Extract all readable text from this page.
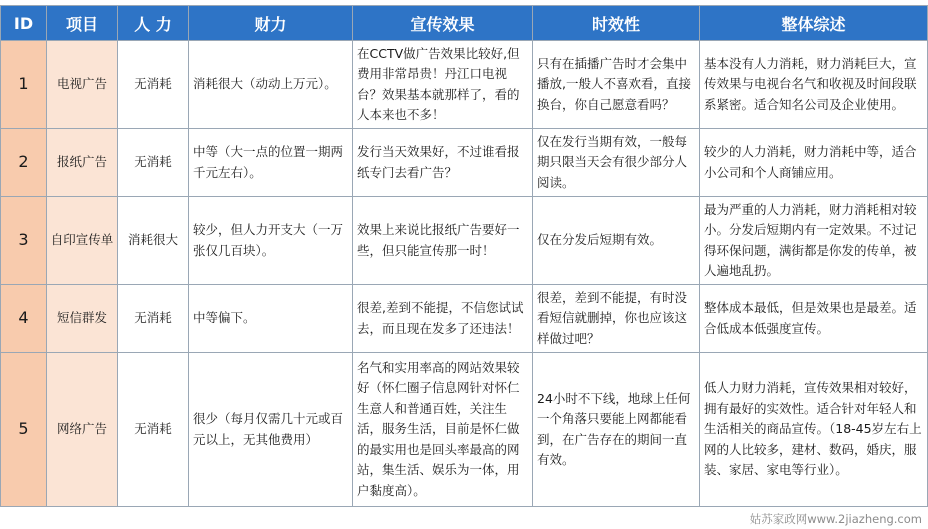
ID	项目	人 力	财力	宣传效果	时效性	整体综述
1	电视广告	无消耗	消耗很大（动动上万元）。	在CCTV做广告效果比较好,但费用非常昂贵！丹江口电视台？效果基本就那样了，看的人本来也不多！	只有在插播广告时才会集中播放,一般人不喜欢看，直接换台，你自己愿意看吗？	基本没有人力消耗，财力消耗巨大，宣传效果与电视台名气和收视及时间段联系紧密。适合知名公司及企业使用。
2	报纸广告	无消耗	中等（大一点的位置一期两千元左右）。	发行当天效果好，不过谁看报纸专门去看广告？	仅在发行当期有效，一般每期只限当天会有很少部分人阅读。	较少的人力消耗，财力消耗中等，适合小公司和个人商铺应用。
3	自印宣传单	消耗很大	较少，但人力开支大（一万张仅几百块）。	效果上来说比报纸广告要好一些，但只能宣传那一时！	仅在分发后短期有效。	最为严重的人力消耗，财力消耗相对较小。分发后短期内有一定效果。不过记得环保问题，满街都是你发的传单，被人遍地乱扔。
4	短信群发	无消耗	中等偏下。	很差,差到不能提，不信您试试去，而且现在发多了还违法！	很差，差到不能提，有时没看短信就删掉，你也应该这样做过吧？	整体成本最低，但是效果也是最差。适合低成本低强度宣传。
5	网络广告	无消耗	很少（每月仅需几十元或百元以上，无其他费用）	名气和实用率高的网站效果较好（怀仁圈子信息网针对怀仁生意人和普通百姓，关注生活，服务生活，目前是怀仁做的最实用也是回头率最高的网站，集生活、娱乐为一体，用户黏度高）。	24小时不下线，地球上任何一个角落只要能上网都能看到，在广告存在的期间一直有效。	低人力财力消耗，宣传效果相对较好，拥有最好的实效性。适合针对年轻人和生活相关的商品宣传。（18-45岁左右上网的人比较多，建材、数码，婚庆，服装、家居、家电等行业）。
姑苏家政网www.2jiazheng.com
